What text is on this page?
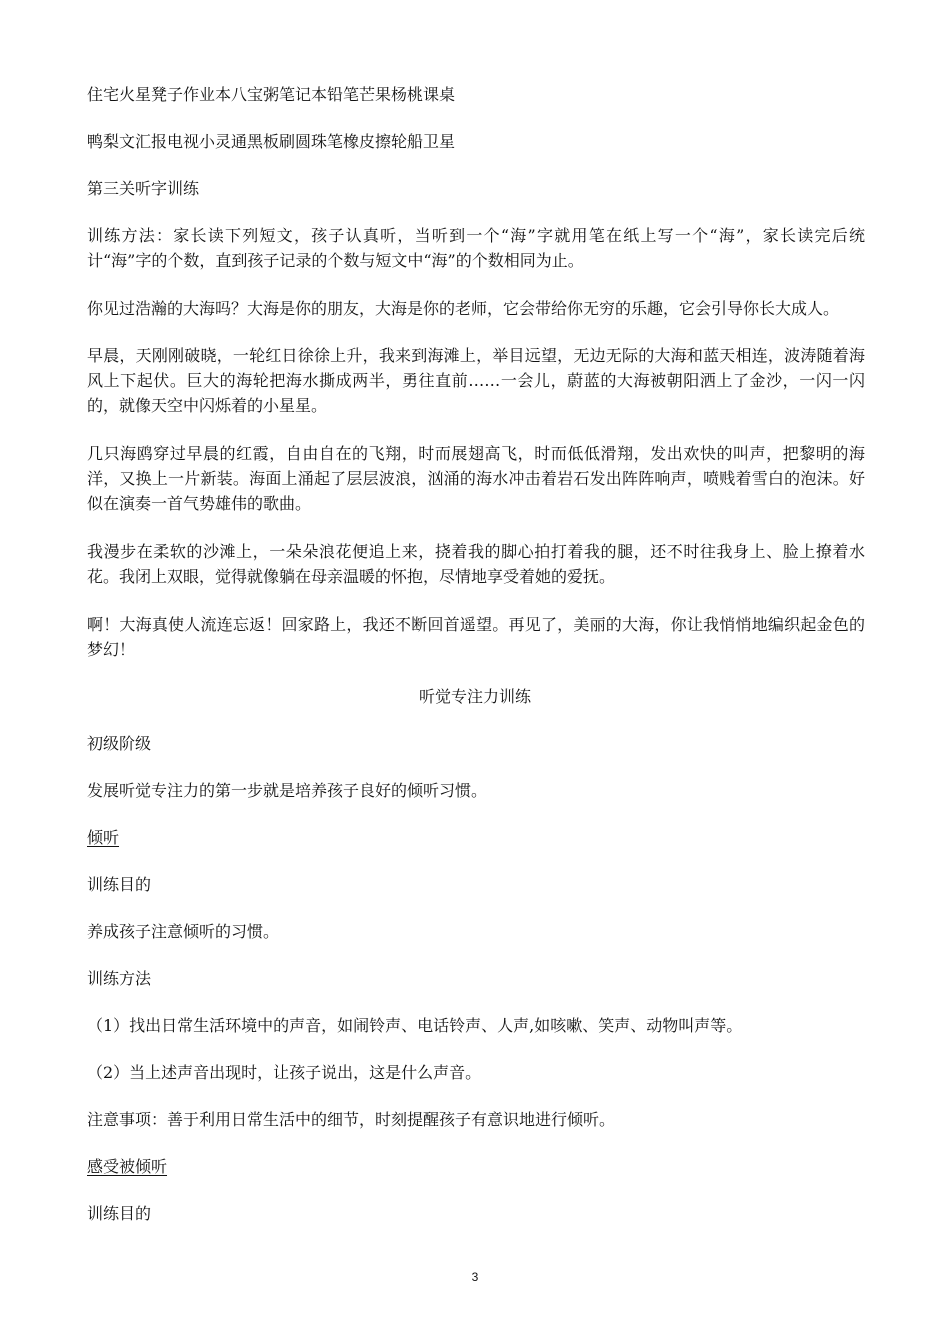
住宅火星凳子作业本八宝粥笔记本铅笔芒果杨桃课桌

鸭梨文汇报电视小灵通黑板刷圆珠笔橡皮擦轮船卫星

第三关听字训练

训练方法：家长读下列短文，孩子认真听，当听到一个“海”字就用笔在纸上写一个“海”，家长读完后统计“海”字的个数，直到孩子记录的个数与短文中“海”的个数相同为止。

你见过浩瀚的大海吗？大海是你的朋友，大海是你的老师，它会带给你无穷的乐趣，它会引导你长大成人。

早晨，天刚刚破晓，一轮红日徐徐上升，我来到海滩上，举目远望，无边无际的大海和蓝天相连，波涛随着海风上下起伏。巨大的海轮把海水撕成两半，勇往直前……一会儿，蔚蓝的大海被朝阳洒上了金沙，一闪一闪的，就像天空中闪烁着的小星星。

几只海鸥穿过早晨的红霞，自由自在的飞翔，时而展翅高飞，时而低低滑翔，发出欢快的叫声，把黎明的海洋，又换上一片新装。海面上涌起了层层波浪，汹涌的海水冲击着岩石发出阵阵响声，喷贱着雪白的泡沫。好似在演奏一首气势雄伟的歌曲。

我漫步在柔软的沙滩上，一朵朵浪花便追上来，挠着我的脚心拍打着我的腿，还不时往我身上、脸上撩着水花。我闭上双眼，觉得就像躺在母亲温暖的怀抱，尽情地享受着她的爱抚。

啊！大海真使人流连忘返！回家路上，我还不断回首遥望。再见了，美丽的大海，你让我悄悄地编织起金色的梦幻！

听觉专注力训练

初级阶级

发展听觉专注力的第一步就是培养孩子良好的倾听习惯。

倾听

训练目的

养成孩子注意倾听的习惯。

训练方法

（1）找出日常生活环境中的声音，如闹铃声、电话铃声、人声,如咳嗽、笑声、动物叫声等。

（2）当上述声音出现时，让孩子说出，这是什么声音。

注意事项：善于利用日常生活中的细节，时刻提醒孩子有意识地进行倾听。

感受被倾听

训练目的

3
